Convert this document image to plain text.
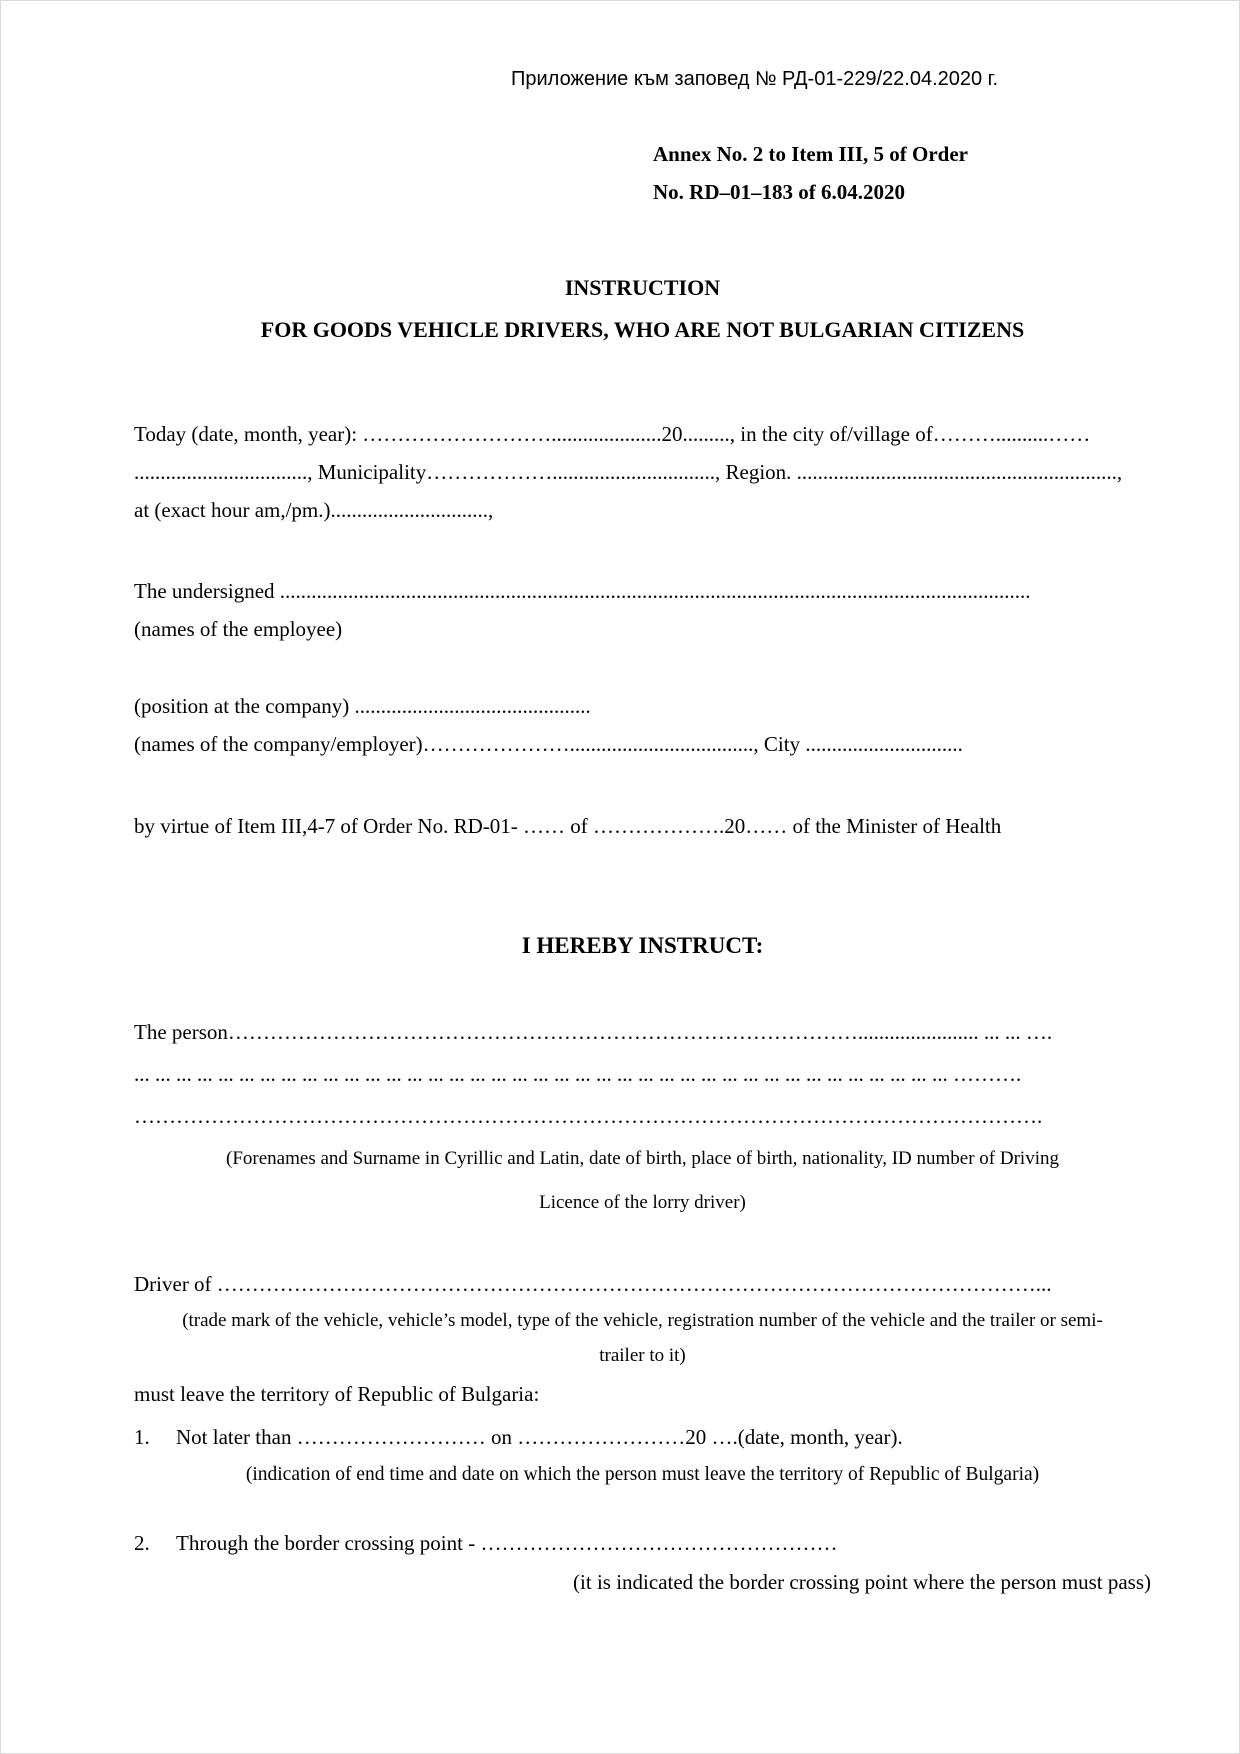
Приложение към заповед № РД-01-229/22.04.2020 г.
Annex No. 2 to Item III, 5 of Order
No. RD–01–183 of 6.04.2020
INSTRUCTION
FOR GOODS VEHICLE DRIVERS, WHO ARE NOT BULGARIAN CITIZENS
Today (date, month, year): ……………………….....................20........., in the city of/village of………..........……
................................., Municipality………………..............................., Region. .............................................................,
at (exact hour am,/pm.)..............................,
The undersigned ...............................................................................................................................................
(names of the employee)
(position at the company) .............................................
(names of the company/employer)…………………..................................., City ..............................
by virtue of Item III,4-7 of Order No. RD-01- …… of ……………….20…… of the Minister of Health
I HEREBY INSTRUCT:
The person………………………………………………………………………………....................... ... ... ….
... ... ... ... ... ... ... ... ... ... ... ... ... ... ... ... ... ... ... ... ... ... ... ... ... ... ... ... ... ... ... ... ... ... ... ... ... ... ... ……….
………………………………………………………………………………………………………………….
(Forenames and Surname in Cyrillic and Latin, date of birth, place of birth, nationality, ID number of Driving
Licence of the lorry driver)
Driver of ………………………………………………………………………………………………………...
(trade mark of the vehicle, vehicle’s model, type of the vehicle, registration number of the vehicle and the trailer or semi-
trailer to it)
must leave the territory of Republic of Bulgaria:
1.	Not later than ……………………… on ……………………20 ….(date, month, year).
(indication of end time and date on which the person must leave the territory of Republic of Bulgaria)
2.	Through the border crossing point - ……………………………………………
(it is indicated the border crossing point where the person must pass)
